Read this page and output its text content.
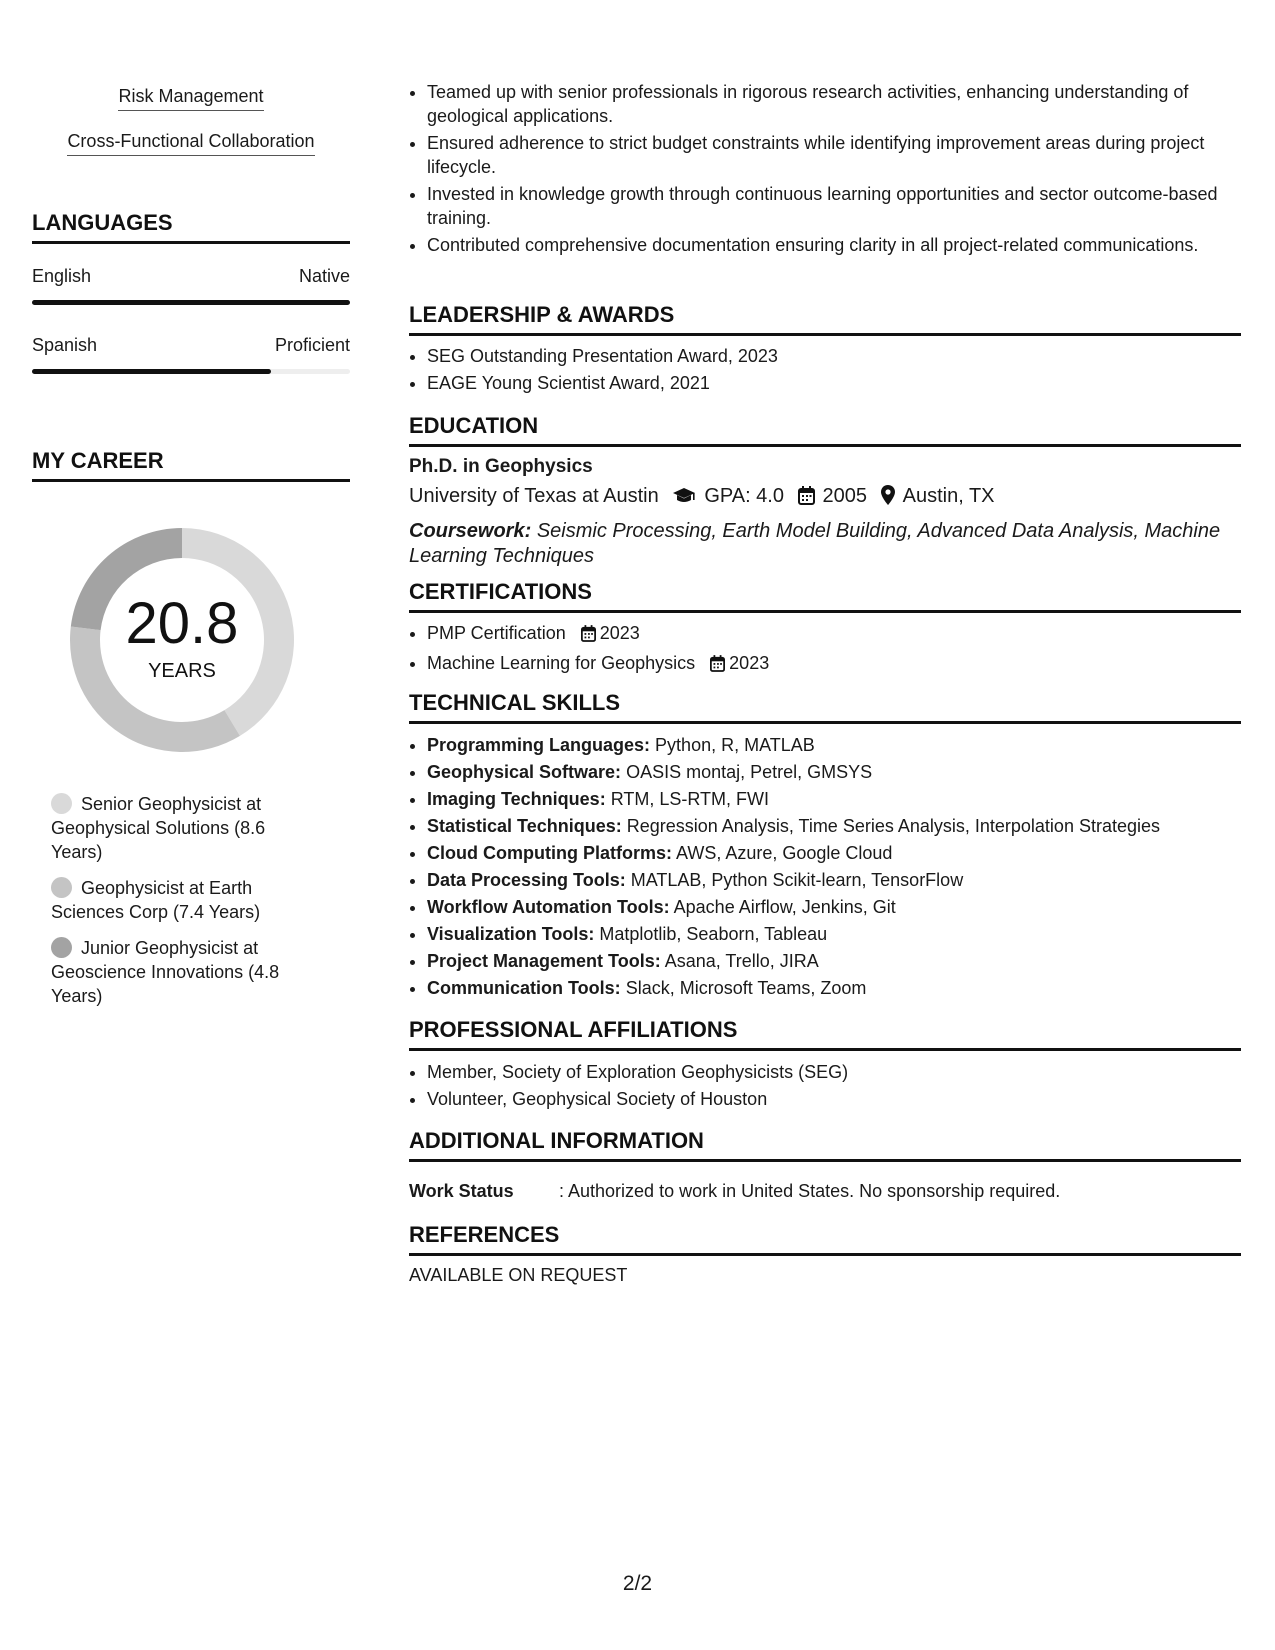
Risk Management
Cross-Functional Collaboration
LANGUAGES
English	Native
Spanish	Proficient
MY CAREER
20.8
YEARS
Senior Geophysicist at Geophysical Solutions (8.6 Years)
Geophysicist at Earth Sciences Corp (7.4 Years)
Junior Geophysicist at Geoscience Innovations (4.8 Years)
• Teamed up with senior professionals in rigorous research activities, enhancing understanding of geological applications.
• Ensured adherence to strict budget constraints while identifying improvement areas during project lifecycle.
• Invested in knowledge growth through continuous learning opportunities and sector outcome-based training.
• Contributed comprehensive documentation ensuring clarity in all project-related communications.
LEADERSHIP & AWARDS
• SEG Outstanding Presentation Award, 2023
• EAGE Young Scientist Award, 2021
EDUCATION
Ph.D. in Geophysics
University of Texas at Austin GPA: 4.0 2005 Austin, TX
Coursework: Seismic Processing, Earth Model Building, Advanced Data Analysis, Machine Learning Techniques
CERTIFICATIONS
• PMP Certification 2023
• Machine Learning for Geophysics 2023
TECHNICAL SKILLS
• Programming Languages: Python, R, MATLAB
• Geophysical Software: OASIS montaj, Petrel, GMSYS
• Imaging Techniques: RTM, LS-RTM, FWI
• Statistical Techniques: Regression Analysis, Time Series Analysis, Interpolation Strategies
• Cloud Computing Platforms: AWS, Azure, Google Cloud
• Data Processing Tools: MATLAB, Python Scikit-learn, TensorFlow
• Workflow Automation Tools: Apache Airflow, Jenkins, Git
• Visualization Tools: Matplotlib, Seaborn, Tableau
• Project Management Tools: Asana, Trello, JIRA
• Communication Tools: Slack, Microsoft Teams, Zoom
PROFESSIONAL AFFILIATIONS
• Member, Society of Exploration Geophysicists (SEG)
• Volunteer, Geophysical Society of Houston
ADDITIONAL INFORMATION
Work Status	: Authorized to work in United States. No sponsorship required.
REFERENCES
AVAILABLE ON REQUEST
2/2
